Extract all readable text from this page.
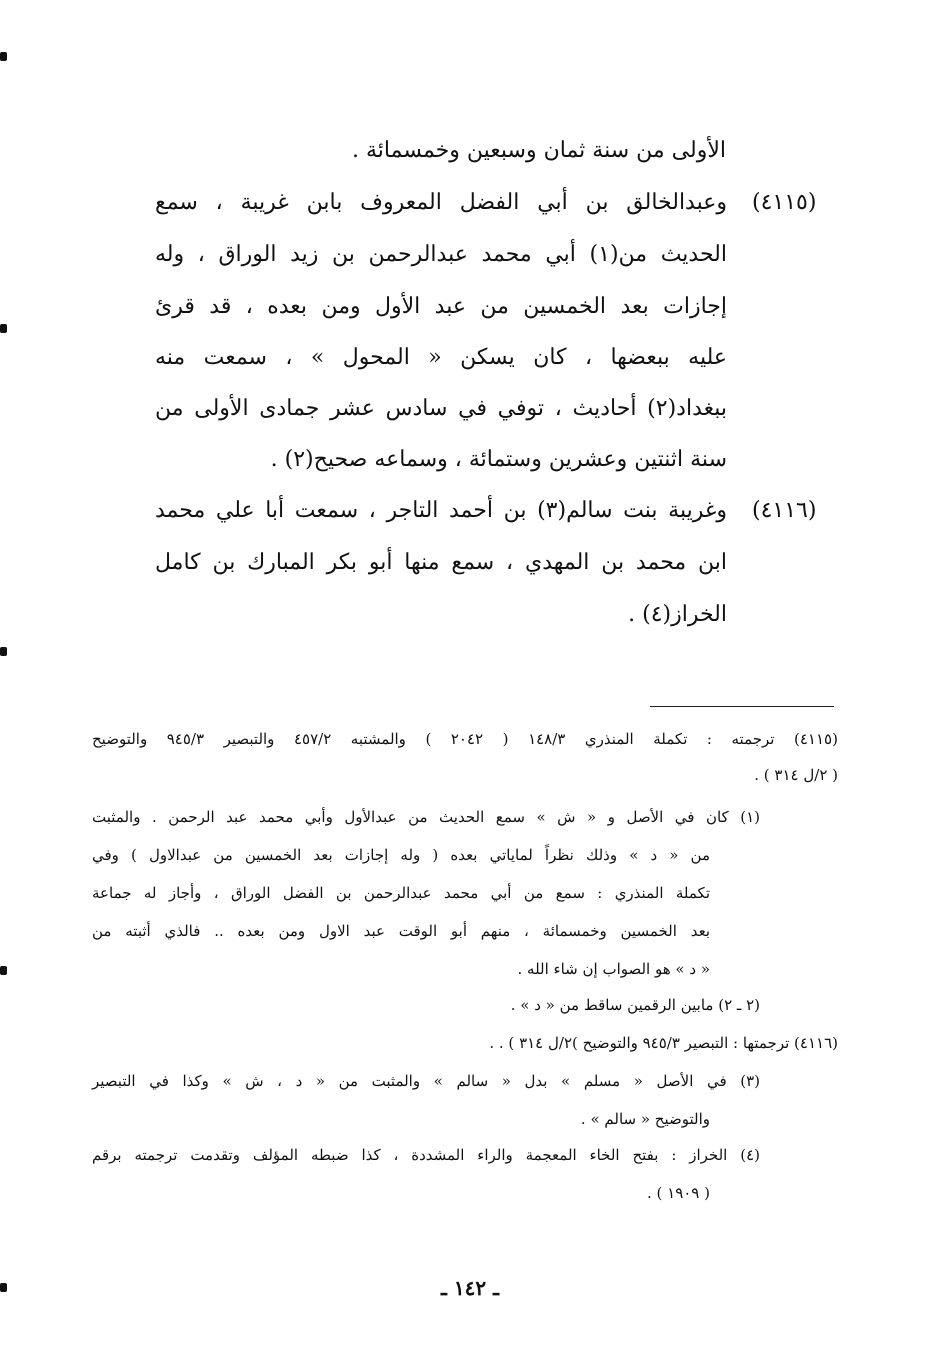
الأولى من سنة ثمان وسبعين وخمسمائة .
(٤١١٥)
وعبدالخالق بن أبي الفضل المعروف بابن غريبة ، سمع
الحديث من(١) أبي محمد عبدالرحمن بن زيد الوراق ، وله
إجازات بعد الخمسين من عبد الأول ومن بعده ، قد قرئ
عليه ببعضها ، كان يسكن « المحول » ، سمعت منه
ببغداد(٢) أحاديث ، توفي في سادس عشر جمادى الأولى من
سنة اثنتين وعشرين وستمائة ، وسماعه صحيح(٢) .
(٤١١٦)
وغريبة بنت سالم(٣) بن أحمد التاجر ، سمعت أبا علي محمد
ابن محمد بن المهدي ، سمع منها أبو بكر المبارك بن كامل
الخراز(٤) .
(٤١١٥) ترجمته : تكملة المنذري ١٤٨/٣ ( ٢٠٤٢ ) والمشتبه ٤٥٧/٢ والتبصير ٩٤٥/٣ والتوضيح
( ٢/ل ٣١٤ ) .
(١) كان في الأصل و « ش » سمع الحديث من عبدالأول وأبي محمد عبد الرحمن . والمثبت
من « د » وذلك نظراً لماياتي بعده ( وله إجازات بعد الخمسين من عبدالاول ) وفي
تكملة المنذري : سمع من أبي محمد عبدالرحمن بن الفضل الوراق ، وأجاز له جماعة
بعد الخمسين وخمسمائة ، منهم أبو الوقت عبد الاول ومن بعده .. فالذي أثبته من
« د » هو الصواب إن شاء الله .
(٢ ـ ٢) مابين الرقمين ساقط من « د » .
(٤١١٦) ترجمتها : التبصير ٩٤٥/٣ والتوضيح )٢/ل ٣١٤ ) . .
(٣) في الأصل « مسلم » بدل « سالم » والمثبت من « د ، ش » وكذا في التبصير
والتوضيح « سالم » .
(٤) الخراز : بفتح الخاء المعجمة والراء المشددة ، كذا ضبطه المؤلف وتقدمت ترجمته برقم
( ١٩٠٩ ) .
ـ ١٤٢ ـ
